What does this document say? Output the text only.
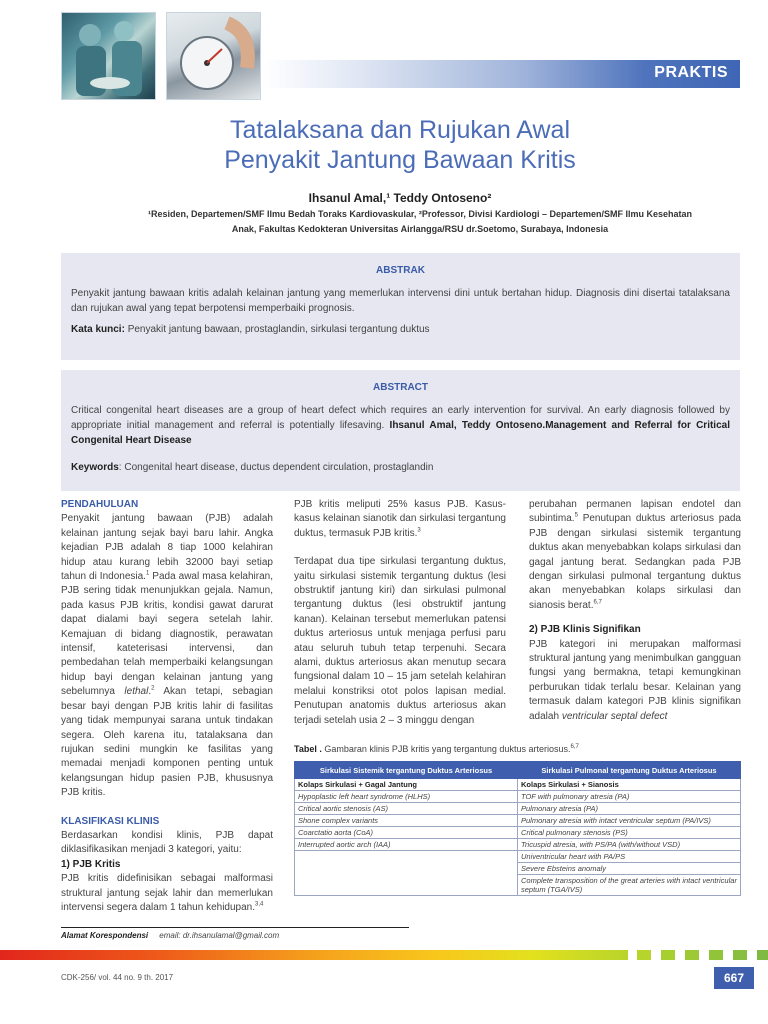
PRAKTIS
Tatalaksana dan Rujukan Awal
Penyakit Jantung Bawaan Kritis
Ihsanul Amal,¹ Teddy Ontoseno²
¹Residen, Departemen/SMF Ilmu Bedah Toraks Kardiovaskular, ²Professor, Divisi Kardiologi – Departemen/SMF Ilmu Kesehatan
Anak, Fakultas Kedokteran Universitas Airlangga/RSU dr.Soetomo, Surabaya, Indonesia
ABSTRAK
Penyakit jantung bawaan kritis adalah kelainan jantung yang memerlukan intervensi dini untuk bertahan hidup. Diagnosis dini disertai tatalaksana dan rujukan awal yang tepat berpotensi memperbaiki prognosis.
Kata kunci: Penyakit jantung bawaan, prostaglandin, sirkulasi tergantung duktus
ABSTRACT
Critical congenital heart diseases are a group of heart defect which requires an early intervention for survival. An early diagnosis followed by appropriate initial management and referral is potentially lifesaving. Ihsanul Amal, Teddy Ontoseno.Management and Referral for Critical Congenital Heart Disease
Keywords: Congenital heart disease, ductus dependent circulation, prostaglandin
PENDAHULUAN

Penyakit jantung bawaan (PJB) adalah kelainan jantung sejak bayi baru lahir. Angka kejadian PJB adalah 8 tiap 1000 kelahiran hidup atau kurang lebih 32000 bayi setiap tahun di Indonesia.$^1$ Pada awal masa kelahiran, PJB sering tidak menunjukkan gejala. Namun, pada kasus PJB kritis, kondisi gawat darurat dapat dialami bayi segera setelah lahir. Kemajuan di bidang diagnostik, perawatan intensif, kateterisasi intervensi, dan pembedahan telah memperbaiki kelangsungan hidup bayi dengan kelainan jantung yang sebelumnya lethal.$^2$ Akan tetapi, sebagian besar bayi dengan PJB kritis lahir di fasilitas yang tidak mempunyai sarana untuk tindakan segera. Oleh karena itu, tatalaksana dan rujukan sedini mungkin ke fasilitas yang memadai menjadi komponen penting untuk kelangsungan hidup pasien PJB, khususnya PJB kritis.

KLASIFIKASI KLINIS

Berdasarkan kondisi klinis, PJB dapat diklasifikasikan menjadi 3 kategori, yaitu:

1) PJB Kritis

PJB kritis didefinisikan sebagai malformasi struktural jantung sejak lahir dan memerlukan intervensi segera dalam 1 tahun kehidupan.$^{3,4}$

PJB kritis meliputi 25% kasus PJB. Kasus-kasus kelainan sianotik dan sirkulasi tergantung duktus, termasuk PJB kritis.$^3$

Terdapat dua tipe sirkulasi tergantung duktus, yaitu sirkulasi sistemik tergantung duktus (lesi obstruktif jantung kiri) dan sirkulasi pulmonal tergantung duktus (lesi obstruktif jantung kanan). Kelainan tersebut memerlukan patensi duktus arteriosus untuk menjaga perfusi paru atau seluruh tubuh tetap terpenuhi. Secara alami, duktus arteriosus akan menutup secara fungsional dalam 10 – 15 jam setelah kelahiran melalui konstriksi otot polos lapisan medial. Penutupan anatomis duktus arteriosus akan terjadi setelah usia 2 – 3 minggu dengan

perubahan permanen lapisan endotel dan subintima.$^5$ Penutupan duktus arteriosus pada PJB dengan sirkulasi sistemik tergantung duktus akan menyebabkan kolaps sirkulasi dan gagal jantung berat. Sedangkan pada PJB dengan sirkulasi pulmonal tergantung duktus akan menyebabkan kolaps sirkulasi dan sianosis berat.$^{6,7}$

2) PJB Klinis Signifikan

PJB kategori ini merupakan malformasi struktural jantung yang menimbulkan gangguan fungsi yang bermakna, tetapi kemungkinan perburukan tidak terlalu besar. Kelainan yang termasuk dalam kategori PJB klinis signifikan adalah ventricular septal defect

Tabel . Gambaran klinis PJB kritis yang tergantung duktus arteriosus.$^{6,7}$
Sirkulasi Sistemik tergantung Duktus Arteriosus	Sirkulasi Pulmonal tergantung Duktus Arteriosus
Kolaps Sirkulasi + Gagal Jantung	Kolaps Sirkulasi + Sianosis
Hypoplastic left heart syndrome (HLHS)	TOF with pulmonary atresia (PA)
Critical aortic stenosis (AS)	Pulmonary atresia (PA)
Shone complex variants	Pulmonary atresia with intact ventricular septum (PA/IVS)
Coarctatio aorta (CoA)	Critical pulmonary stenosis (PS)
Interrupted aortic arch (IAA)	Tricuspid atresia, with PS/PA (with/without VSD)
	Univentricular heart with PA/PS
	Severe Ebsteins anomaly
	Complete transposition of the great arteries with intact ventricular septum (TGA/IVS)
Alamat Korespondensi email: dr.ihsanulamal@gmail.com
CDK-256/ vol. 44 no. 9 th. 2017	667
